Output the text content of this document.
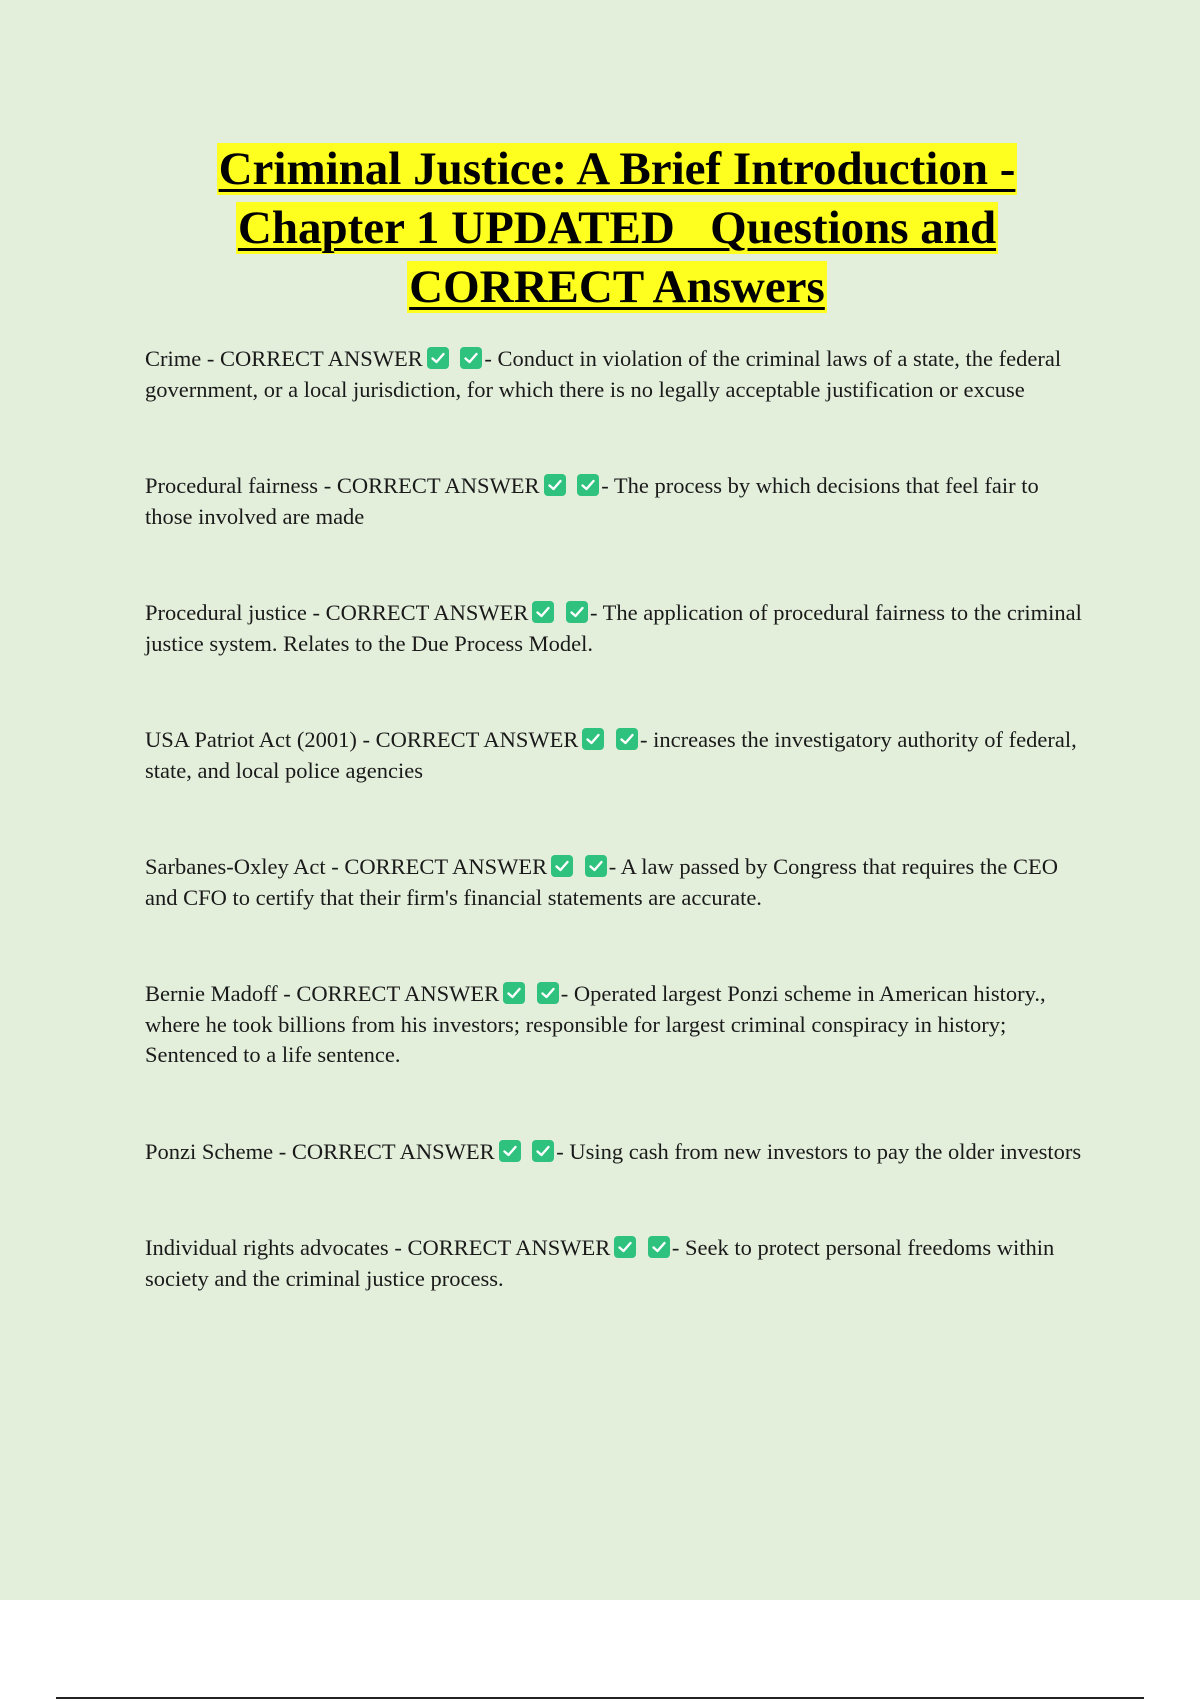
Criminal Justice: A Brief Introduction -
Chapter 1 UPDATED   Questions and
CORRECT Answers

Crime - CORRECT ANSWER
	- Conduct in violation of the criminal laws of a state, the federal government, or a local jurisdiction, for which there is no legally acceptable justification or excuse

Procedural fairness - CORRECT ANSWER
	- The process by which decisions that feel fair to those involved are made

Procedural justice - CORRECT ANSWER
	- The application of procedural fairness to the criminal justice system. Relates to the Due Process Model.

USA Patriot Act (2001) - CORRECT ANSWER
	- increases the investigatory authority of federal, state, and local police agencies

Sarbanes-Oxley Act - CORRECT ANSWER
	- A law passed by Congress that requires the CEO and CFO to certify that their firm's financial statements are accurate.

Bernie Madoff - CORRECT ANSWER
	- Operated largest Ponzi scheme in American history., where he took billions from his investors; responsible for largest criminal conspiracy in history; Sentenced to a life sentence.

Ponzi Scheme - CORRECT ANSWER
	- Using cash from new investors to pay the older investors

Individual rights advocates - CORRECT ANSWER
	- Seek to protect personal freedoms within society and the criminal justice process.
